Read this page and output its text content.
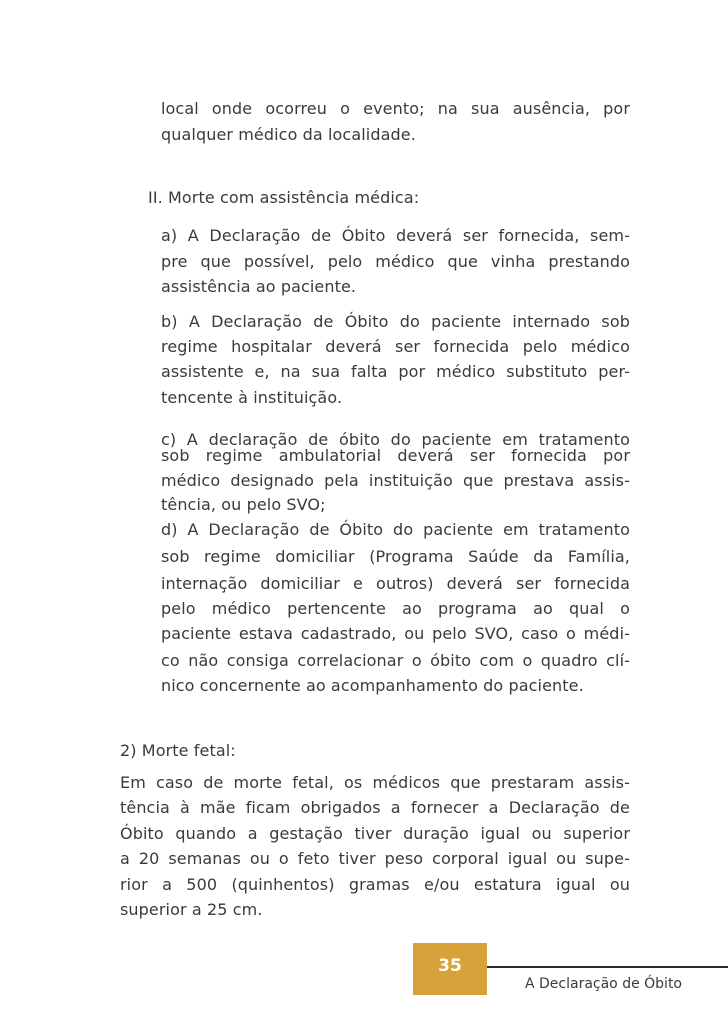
local onde ocorreu o evento; na sua ausência, por
qualquer médico da localidade.
II. Morte com assistência médica:
a) A Declaração de Óbito deverá ser fornecida, sem-
pre que possível, pelo médico que vinha prestando
assistência ao paciente.
b) A Declaração de Óbito do paciente internado sob
regime hospitalar deverá ser fornecida pelo médico
assistente e, na sua falta por médico substituto per-
tencente à instituição.
c) A declaração de óbito do paciente em tratamento
sob regime ambulatorial deverá ser fornecida por
médico designado pela instituição que prestava assis-
tência, ou pelo SVO;
d) A Declaração de Óbito do paciente em tratamento
sob regime domiciliar (Programa Saúde da Família,
internação domiciliar e outros) deverá ser fornecida
pelo médico pertencente ao programa ao qual o
paciente estava cadastrado, ou pelo SVO, caso o médi-
co não consiga correlacionar o óbito com o quadro clí-
nico concernente ao acompanhamento do paciente.
2) Morte fetal:
Em caso de morte fetal, os médicos que prestaram assis-
tência à mãe ficam obrigados a fornecer a Declaração de
Óbito quando a gestação tiver duração igual ou superior
a 20 semanas ou o feto tiver peso corporal igual ou supe-
rior a 500 (quinhentos) gramas e/ou estatura igual ou
superior a 25 cm.
35
A Declaração de Óbito
